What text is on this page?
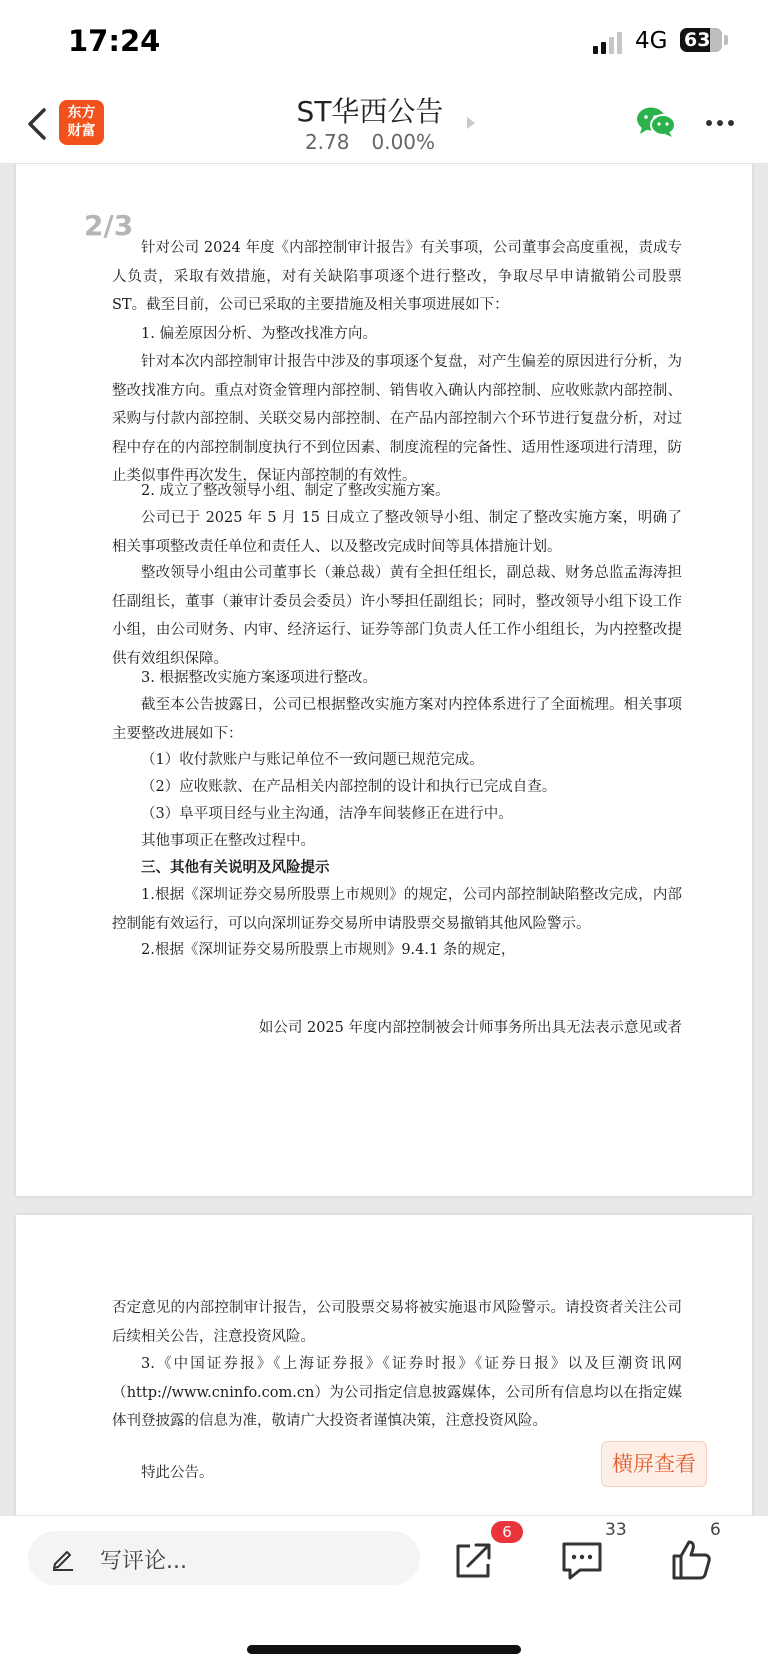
17:24	4G 63
东方
财富
ST华西公告
2.78 0.00%
2/3
针对公司 2024 年度《内部控制审计报告》有关事项，公司董事会高度重视，责成专人负责，采取有效措施，对有关缺陷事项逐个进行整改，争取尽早申请撤销公司股票 ST。截至目前，公司已采取的主要措施及相关事项进展如下：
1. 偏差原因分析、为整改找准方向。
针对本次内部控制审计报告中涉及的事项逐个复盘，对产生偏差的原因进行分析，为整改找准方向。重点对资金管理内部控制、销售收入确认内部控制、应收账款内部控制、采购与付款内部控制、关联交易内部控制、在产品内部控制六个环节进行复盘分析，对过程中存在的内部控制制度执行不到位因素、制度流程的完备性、适用性逐项进行清理，防止类似事件再次发生，保证内部控制的有效性。
2. 成立了整改领导小组、制定了整改实施方案。
公司已于 2025 年 5 月 15 日成立了整改领导小组、制定了整改实施方案，明确了相关事项整改责任单位和责任人、以及整改完成时间等具体措施计划。
整改领导小组由公司董事长（兼总裁）黄有全担任组长，副总裁、财务总监孟海涛担任副组长，董事（兼审计委员会委员）许小琴担任副组长；同时，整改领导小组下设工作小组，由公司财务、内审、经济运行、证券等部门负责人任工作小组组长，为内控整改提供有效组织保障。
3. 根据整改实施方案逐项进行整改。
截至本公告披露日，公司已根据整改实施方案对内控体系进行了全面梳理。相关事项主要整改进展如下：
（1）收付款账户与账记单位不一致问题已规范完成。
（2）应收账款、在产品相关内部控制的设计和执行已完成自查。
（3）阜平项目经与业主沟通，洁净车间装修正在进行中。
其他事项正在整改过程中。
三、其他有关说明及风险提示
1.根据《深圳证券交易所股票上市规则》的规定，公司内部控制缺陷整改完成，内部控制能有效运行，可以向深圳证券交易所申请股票交易撤销其他风险警示。
2.根据《深圳证券交易所股票上市规则》9.4.1 条的规定，
如公司 2025 年度内部控制被会计师事务所出具无法表示意见或者
否定意见的内部控制审计报告，公司股票交易将被实施退市风险警示。请投资者关注公司后续相关公告，注意投资风险。
3.《中国证券报》《上海证券报》《证券时报》《证券日报》以及巨潮资讯网（http://www.cninfo.com.cn）为公司指定信息披露媒体，公司所有信息均以在指定媒体刊登披露的信息为准，敬请广大投资者谨慎决策，注意投资风险。
特此公告。	横屏查看
写评论...
6	33	6
